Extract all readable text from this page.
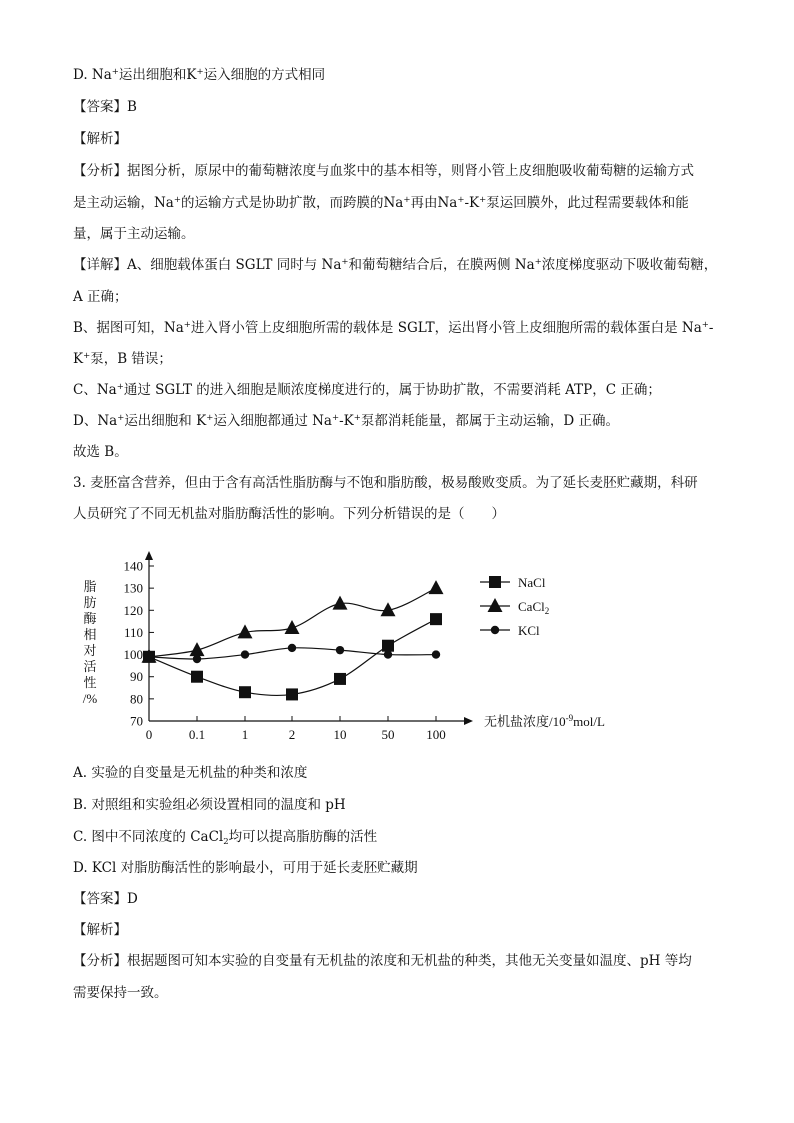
D. Na+运出细胞和K+运入细胞的方式相同
【答案】B
【解析】
【分析】据图分析，原尿中的葡萄糖浓度与血浆中的基本相等，则肾小管上皮细胞吸收葡萄糖的运输方式
是主动运输，Na+的运输方式是协助扩散，而跨膜的Na+再由Na+-K+泵运回膜外，此过程需要载体和能
量，属于主动运输。
【详解】A、细胞载体蛋白 SGLT 同时与 Na+和葡萄糖结合后，在膜两侧 Na+浓度梯度驱动下吸收葡萄糖，
A 正确；
B、据图可知，Na+进入肾小管上皮细胞所需的载体是 SGLT，运出肾小管上皮细胞所需的载体蛋白是 Na+-
K+泵，B 错误；
C、Na+通过 SGLT 的进入细胞是顺浓度梯度进行的，属于协助扩散，不需要消耗 ATP，C 正确；
D、Na+运出细胞和 K+运入细胞都通过 Na+-K+泵都消耗能量，都属于主动运输，D 正确。
故选 B。
3. 麦胚富含营养，但由于含有高活性脂肪酶与不饱和脂肪酸，极易酸败变质。为了延长麦胚贮藏期，科研
人员研究了不同无机盐对脂肪酶活性的影响。下列分析错误的是（　　）
70
80
90
100
110
120
130
140
0	0.1	1	2	10	50 100
脂
肪
酶
相
对
活
性
/%
无机盐浓度$/10^{-9}mol/L$
NaCl
CaCl$_2$
KCl
A. 实验的自变量是无机盐的种类和浓度
B. 对照组和实验组必须设置相同的温度和 pH
C. 图中不同浓度的 CaCl$_2$均可以提高脂肪酶的活性
D. KCl 对脂肪酶活性的影响最小，可用于延长麦胚贮藏期
【答案】D
【解析】
【分析】根据题图可知本实验的自变量有无机盐的浓度和无机盐的种类，其他无关变量如温度、pH 等均
需要保持一致。
